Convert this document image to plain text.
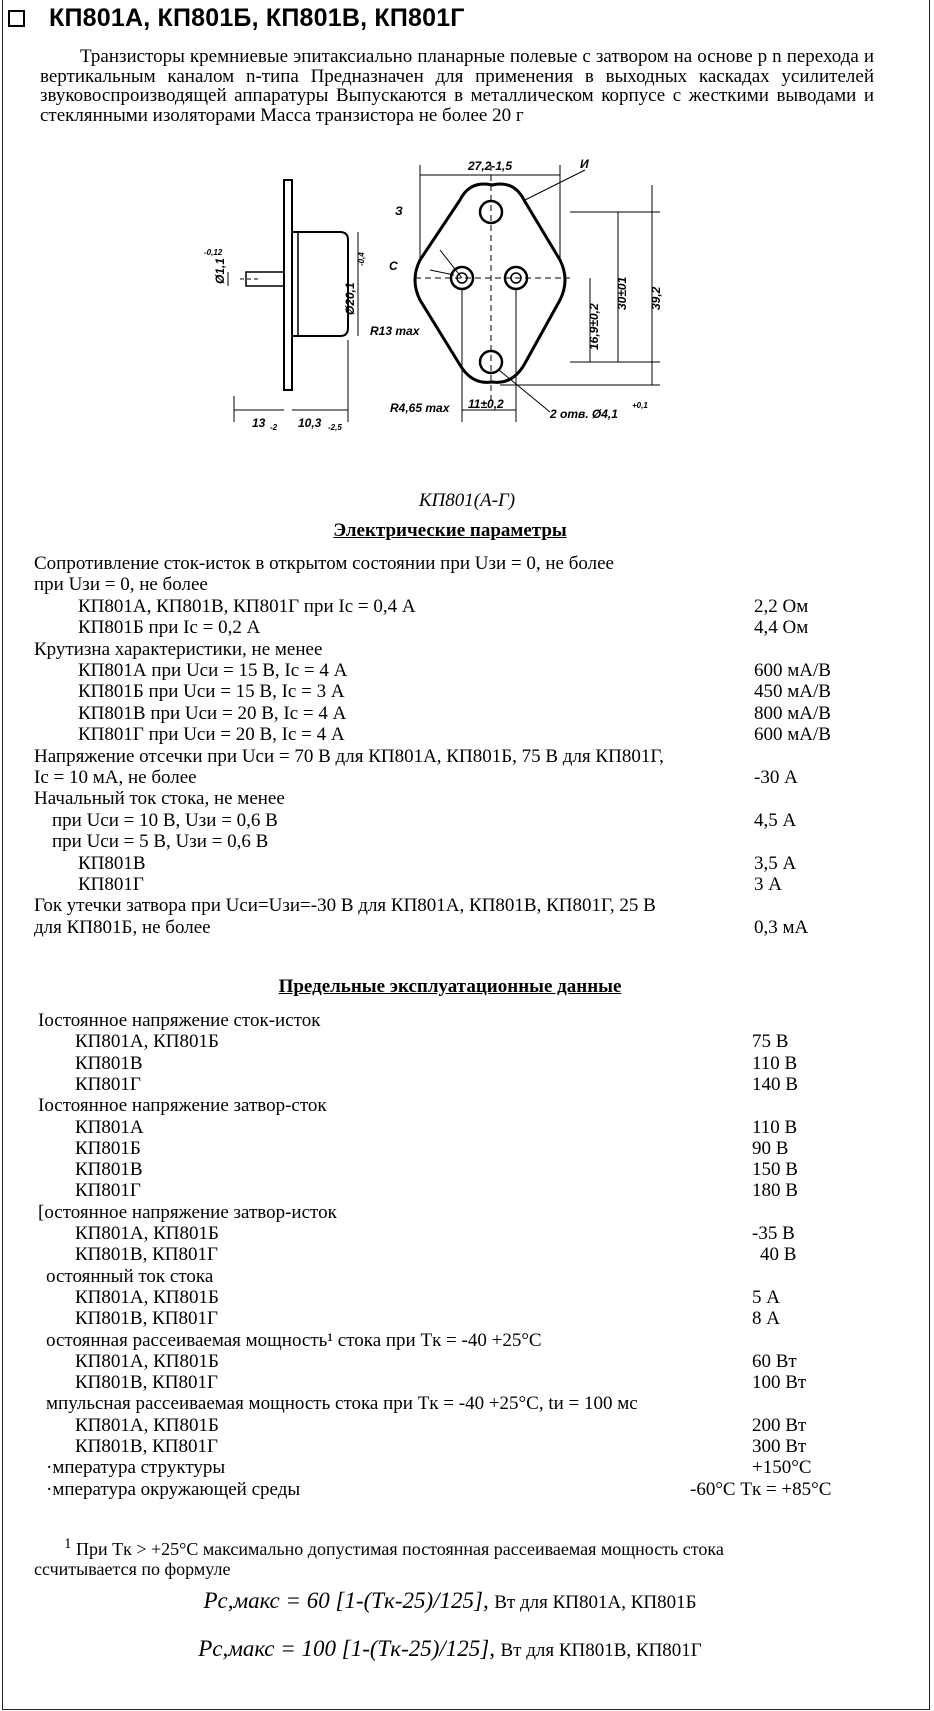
КП801А, КП801Б, КП801В, КП801Г

Транзисторы кремниевые эпитаксиально планарные полевые с затвором на основе р n перехода и вертикальным каналом n-типа Предназначен для применения в выходных каскадах усилителей звуковоспроизводящей аппаратуры Выпускаются в металлическом корпусе с жесткими выводами и стеклянными изоляторами Масса транзистора не более 20 г

27,2-1,5	И
З
С
R13 max
R4,65 max 11±0,2
2 отв. Ø4,1
+0,1
-0,12
13 -2 10,3 -2,5
Ø1,1
Ø20,1
-0,4
39,2
30±01
16,9±0,2
КП801(А-Г)
Электрические параметры
Сопротивление сток-исток в открытом состоянии при Uзи = 0, не более
при Uзи = 0, не более
КП801А, КП801В, КП801Г при Iс = 0,4 А	2,2 Ом
КП801Б при Iс = 0,2 А	4,4 Ом
Крутизна характеристики, не менее
КП801А при Uси = 15 В, Iс = 4 А	600 мА/В
КП801Б при Uси = 15 В, Iс = 3 А	450 мА/В
КП801В при Uси = 20 В, Iс = 4 А	800 мА/В
КП801Г при Uси = 20 В, Iс = 4 А	600 мА/В
Напряжение отсечки при Uси = 70 В для КП801А, КП801Б, 75 В для КП801Г,
Iс = 10 мА, не более	-30 А
Начальный ток стока, не менее
при Uси = 10 В, Uзи = 0,6 В	4,5 А
при Uси = 5 В, Uзи = 0,6 В
КП801В	3,5 А
КП801Г	3 А
Гок утечки затвора при Uси=Uзи=-30 В для КП801А, КП801В, КП801Г, 25 В
для КП801Б, не более	0,3 мА
Предельные эксплуатационные данные
Іостоянное напряжение сток-исток
КП801А, КП801Б	75 В
КП801В	110 В
КП801Г	140 В
Іостоянное напряжение затвор-сток
КП801А	110 В
КП801Б	90 В
КП801В	150 В
КП801Г	180 В
[остоянное напряжение затвор-исток
КП801А, КП801Б	-35 В
КП801В, КП801Г	40 В
остоянный ток стока
КП801А, КП801Б	5 А
КП801В, КП801Г	8 А
остоянная рассеиваемая мощность¹ стока при Tк = -40 +25°С
КП801А, КП801Б	60 Вт
КП801В, КП801Г	100 Вт
мпульсная рассеиваемая мощность стока при Tк = -40 +25°С, tи = 100 мс
КП801А, КП801Б	200 Вт
КП801В, КП801Г	300 Вт
·мпература структуры	+150°С
·мпература окружающей среды	-60°С Tк = +85°С
$^1$ При Tк > +25°С максимально допустимая постоянная рассеиваемая мощность стока
ссчитывается по формуле
Pс,макс = 60 [1-(Tк-25)/125], Вт для КП801А, КП801Б
Pс,макс = 100 [1-(Tк-25)/125], Вт для КП801В, КП801Г
